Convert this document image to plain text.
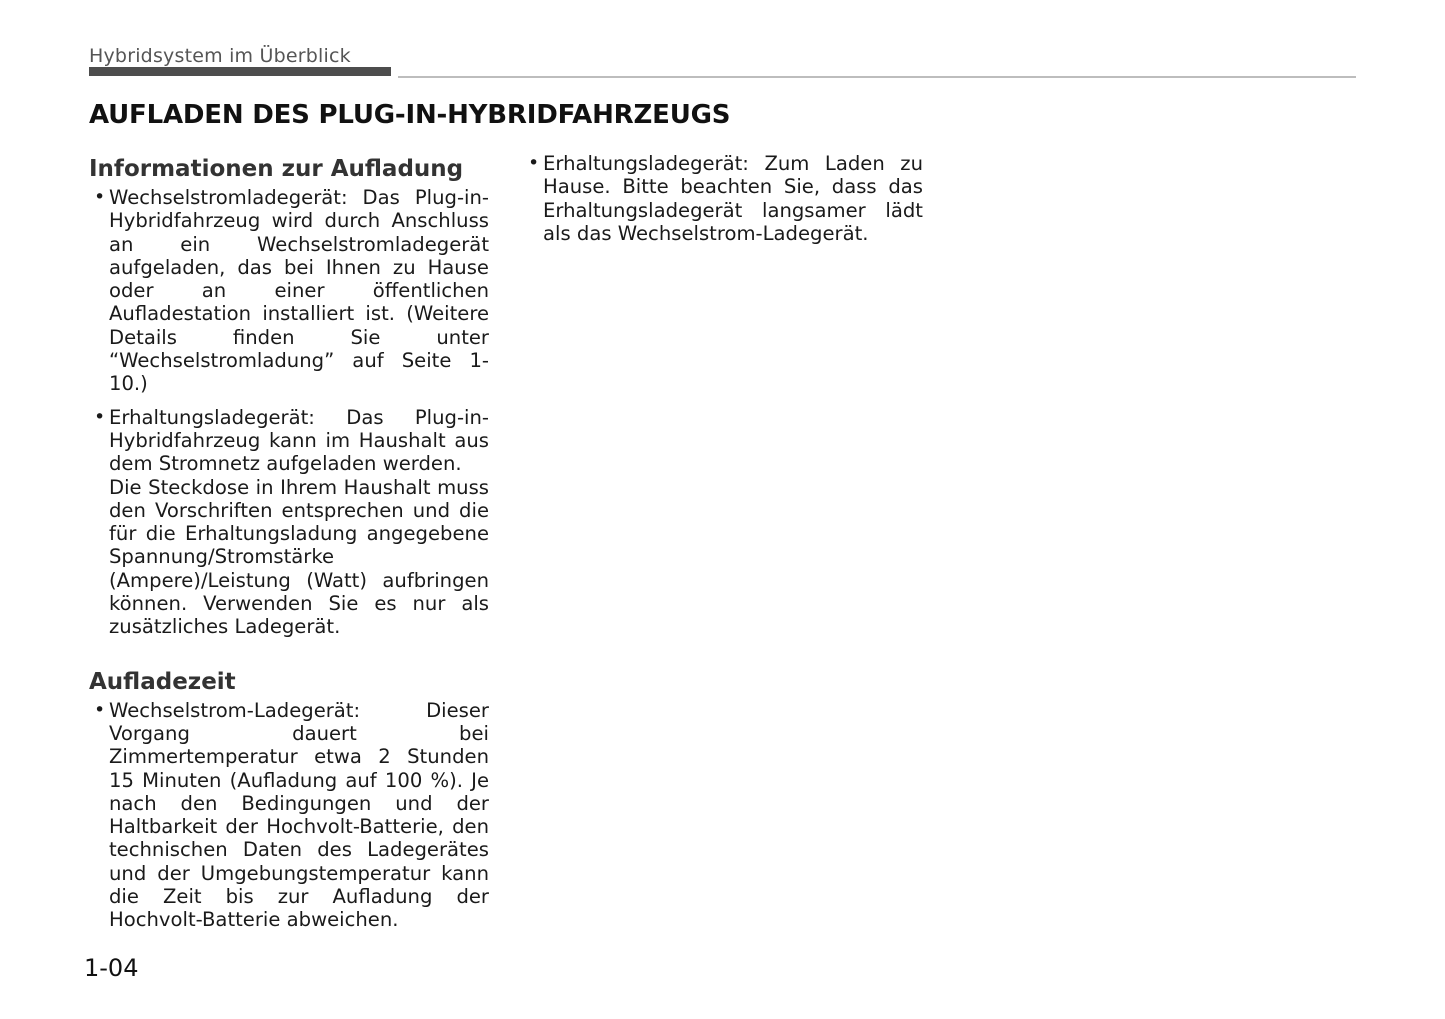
Hybridsystem im Überblick
AUFLADEN DES PLUG-IN-HYBRIDFAHRZEUGS
Informationen zur Aufladung
• Wechselstromladegerät: Das Plug-in-Hybridfahrzeug wird durch Anschluss an ein Wechselstromladegerät aufgeladen, das bei Ihnen zu Hause oder an einer öffentlichen Aufladestation installiert ist. (Weitere Details finden Sie unter “Wechselstromladung” auf Seite 1-10.)

• Erhaltungsladegerät: Das Plug-in-Hybridfahrzeug kann im Haushalt aus dem Stromnetz aufgeladen werden.

Die Steckdose in Ihrem Haushalt muss den Vorschriften entsprechen und die für die Erhaltungsladung angegebene Spannung/Stromstärke (Ampere)/Leistung (Watt) aufbringen können. Verwenden Sie es nur als zusätzliches Ladegerät.

Aufladezeit
• Wechselstrom-Ladegerät: Dieser Vorgang dauert bei Zimmertemperatur etwa 2 Stunden 15 Minuten (Aufladung auf 100 %). Je nach den Bedingungen und der Haltbarkeit der Hochvolt-Batterie, den technischen Daten des Ladegerätes und der Umgebungstemperatur kann die Zeit bis zur Aufladung der Hochvolt-Batterie abweichen.

• Erhaltungsladegerät: Zum Laden zu Hause. Bitte beachten Sie, dass das Erhaltungsladegerät langsamer lädt als das Wechselstrom-Ladegerät.

1-04
